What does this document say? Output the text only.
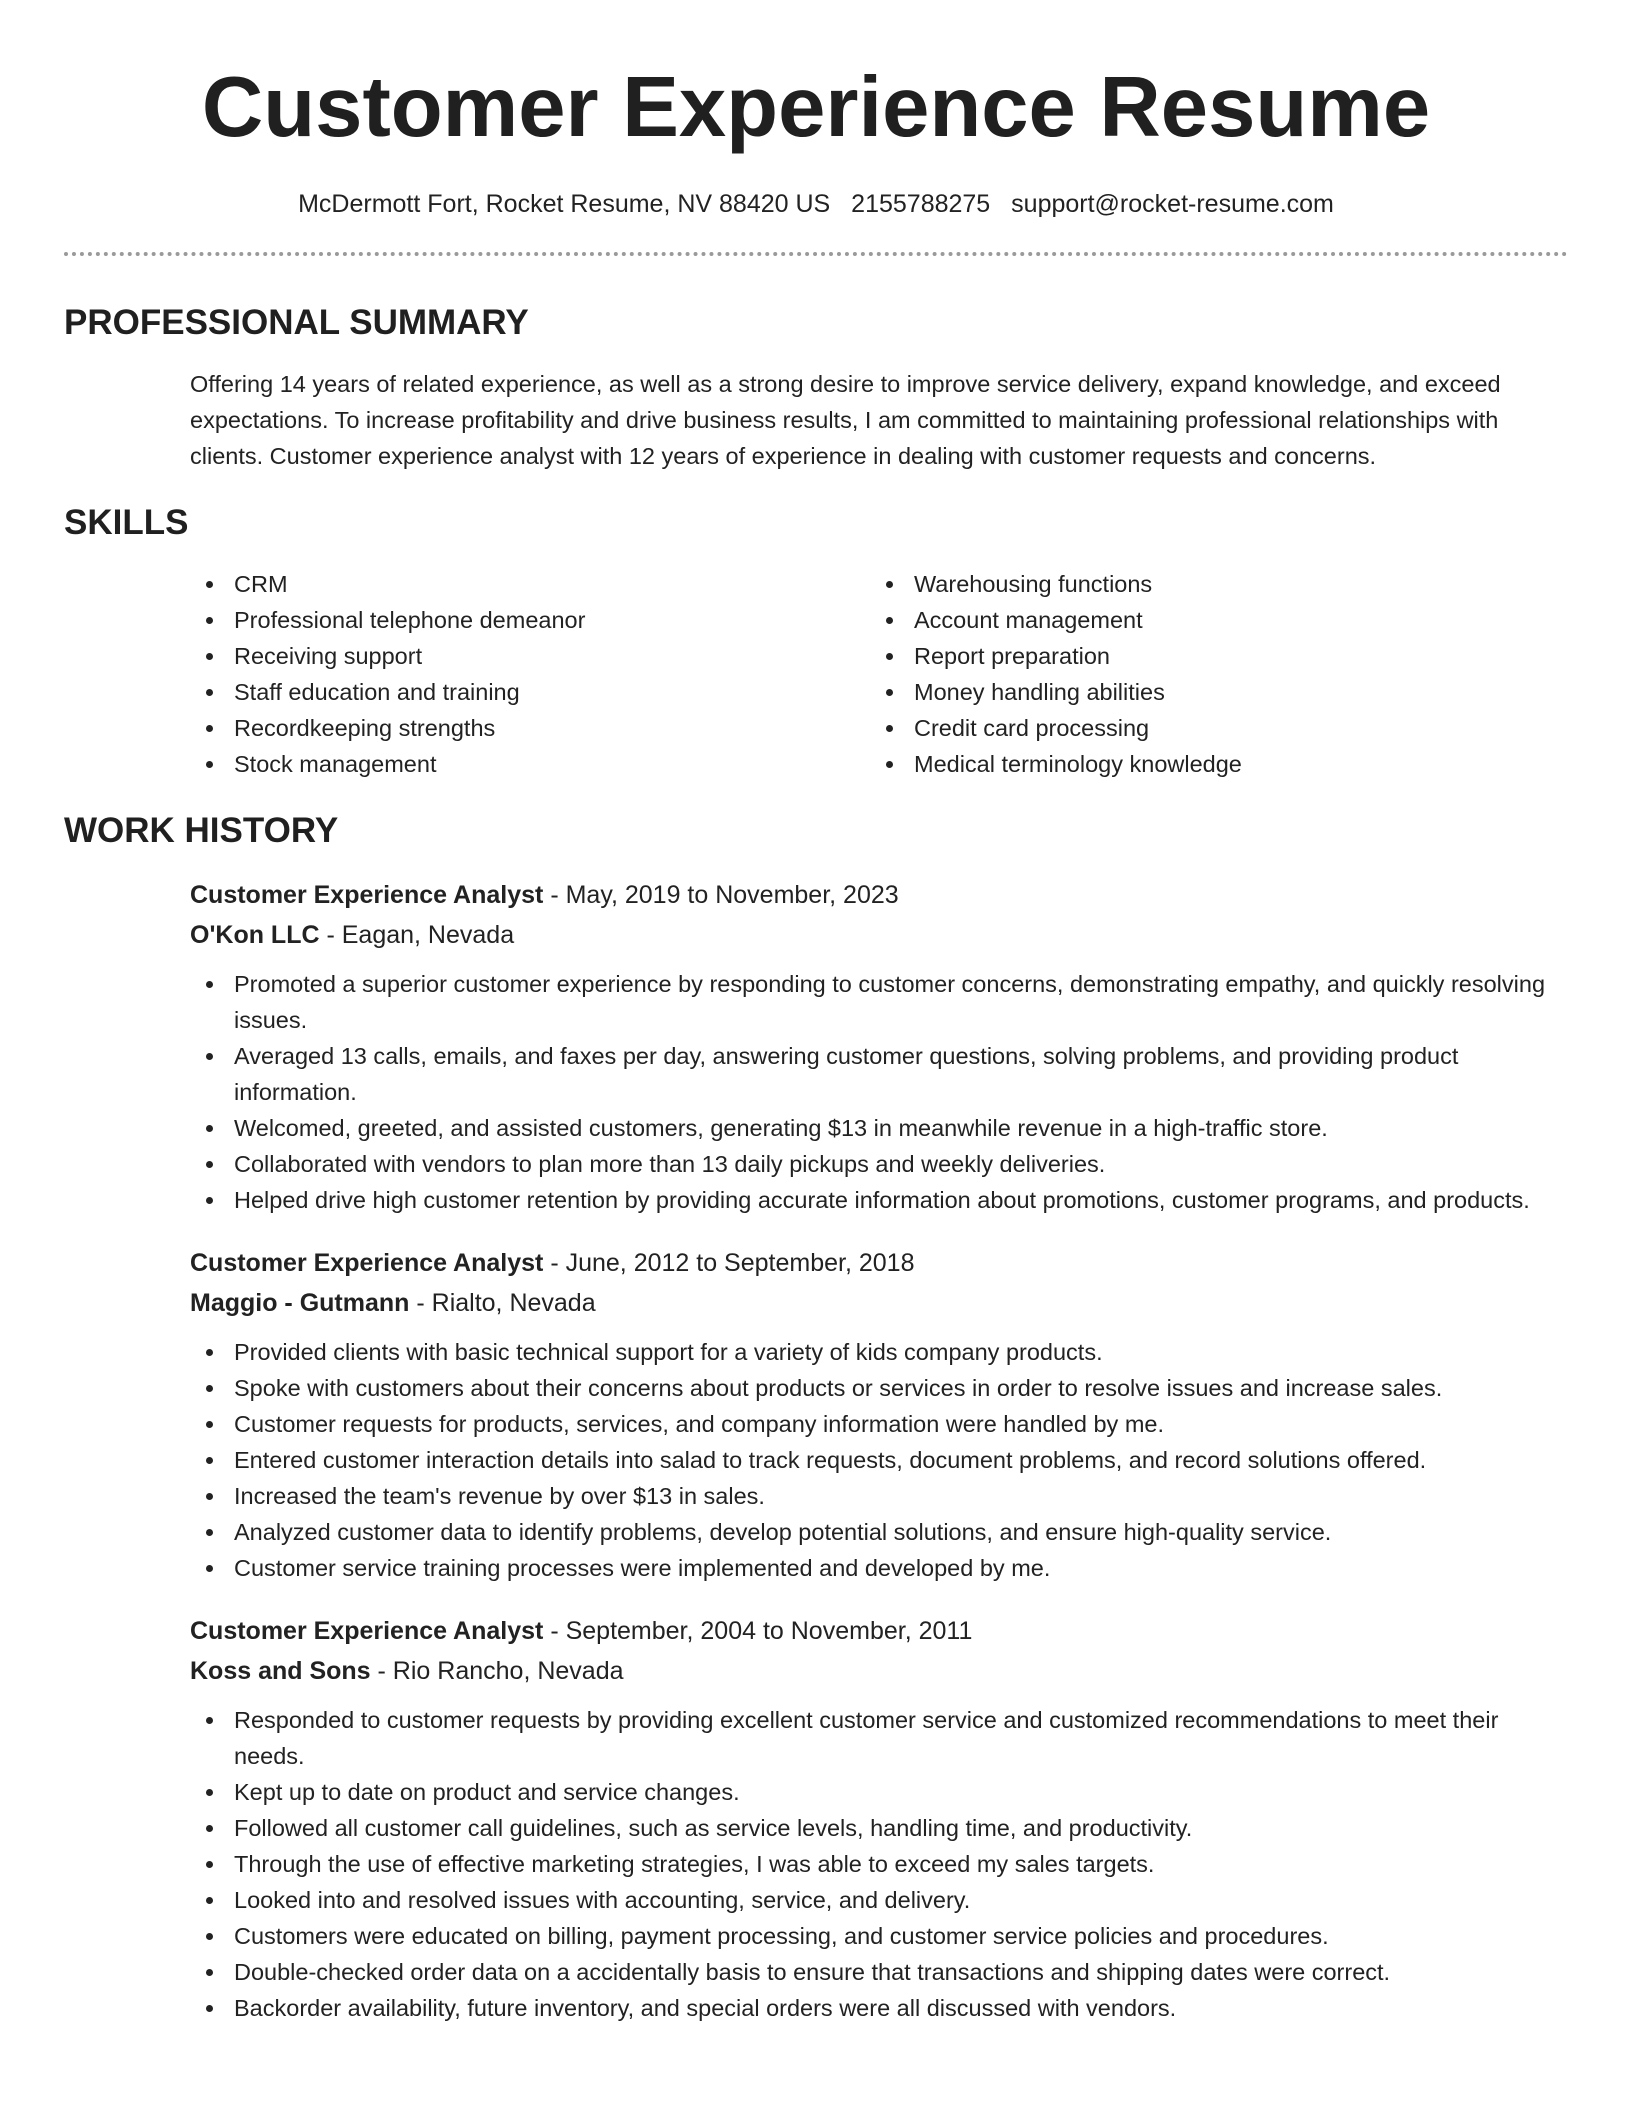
Customer Experience Resume
McDermott Fort, Rocket Resume, NV 88420 US 2155788275 support@rocket-resume.com
PROFESSIONAL SUMMARY

Offering 14 years of related experience, as well as a strong desire to improve service delivery, expand knowledge, and exceed expectations. To increase profitability and drive business results, I am committed to maintaining professional relationships with clients. Customer experience analyst with 12 years of experience in dealing with customer requests and concerns.

SKILLS
CRM
Professional telephone demeanor
Receiving support
Staff education and training
Recordkeeping strengths
Stock management
Warehousing functions
Account management
Report preparation
Money handling abilities
Credit card processing
Medical terminology knowledge
WORK HISTORY

Customer Experience Analyst - May, 2019 to November, 2023

O'Kon LLC - Eagan, Nevada

Promoted a superior customer experience by responding to customer concerns, demonstrating empathy, and quickly resolving issues.
Averaged 13 calls, emails, and faxes per day, answering customer questions, solving problems, and providing product information.
Welcomed, greeted, and assisted customers, generating $13 in meanwhile revenue in a high-traffic store.
Collaborated with vendors to plan more than 13 daily pickups and weekly deliveries.
Helped drive high customer retention by providing accurate information about promotions, customer programs, and products.

Customer Experience Analyst - June, 2012 to September, 2018

Maggio - Gutmann - Rialto, Nevada

Provided clients with basic technical support for a variety of kids company products.
Spoke with customers about their concerns about products or services in order to resolve issues and increase sales.
Customer requests for products, services, and company information were handled by me.
Entered customer interaction details into salad to track requests, document problems, and record solutions offered.
Increased the team's revenue by over $13 in sales.
Analyzed customer data to identify problems, develop potential solutions, and ensure high-quality service.
Customer service training processes were implemented and developed by me.

Customer Experience Analyst - September, 2004 to November, 2011

Koss and Sons - Rio Rancho, Nevada

Responded to customer requests by providing excellent customer service and customized recommendations to meet their needs.
Kept up to date on product and service changes.
Followed all customer call guidelines, such as service levels, handling time, and productivity.
Through the use of effective marketing strategies, I was able to exceed my sales targets.
Looked into and resolved issues with accounting, service, and delivery.
Customers were educated on billing, payment processing, and customer service policies and procedures.
Double-checked order data on a accidentally basis to ensure that transactions and shipping dates were correct.
Backorder availability, future inventory, and special orders were all discussed with vendors.
